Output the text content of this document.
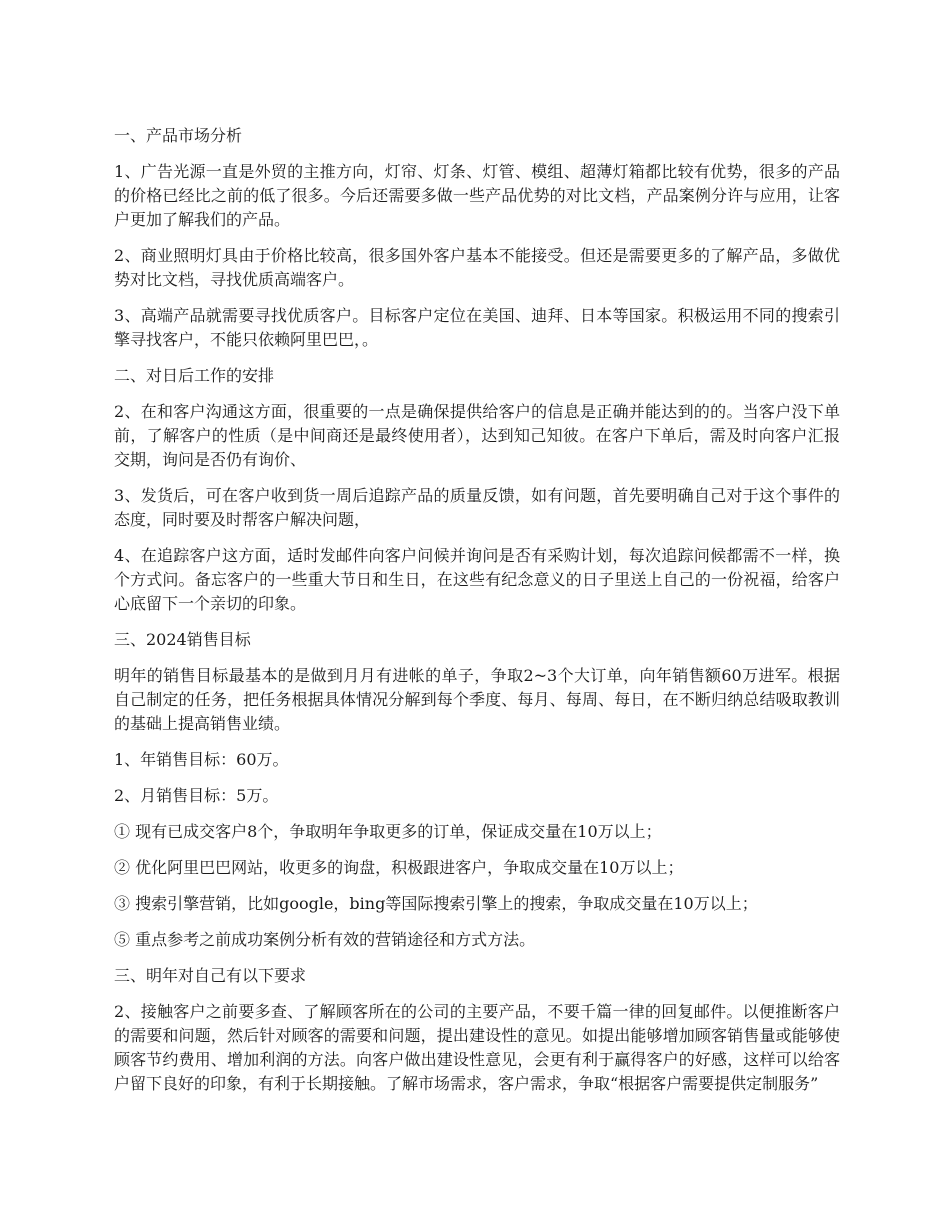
一、产品市场分析

1、广告光源一直是外贸的主推方向，灯帘、灯条、灯管、模组、超薄灯箱都比较有优势，很多的产品的价格已经比之前的低了很多。今后还需要多做一些产品优势的对比文档，产品案例分许与应用，让客户更加了解我们的产品。

2、商业照明灯具由于价格比较高，很多国外客户基本不能接受。但还是需要更多的了解产品，多做优势对比文档，寻找优质高端客户。

3、高端产品就需要寻找优质客户。目标客户定位在美国、迪拜、日本等国家。积极运用不同的搜索引擎寻找客户，不能只依赖阿里巴巴，。

二、对日后工作的安排

2、在和客户沟通这方面，很重要的一点是确保提供给客户的信息是正确并能达到的的。当客户没下单前，了解客户的性质（是中间商还是最终使用者），达到知己知彼。在客户下单后，需及时向客户汇报交期，询问是否仍有询价、

3、发货后，可在客户收到货一周后追踪产品的质量反馈，如有问题，首先要明确自己对于这个事件的态度，同时要及时帮客户解决问题，

4、在追踪客户这方面，适时发邮件向客户问候并询问是否有采购计划，每次追踪问候都需不一样，换个方式问。备忘客户的一些重大节日和生日，在这些有纪念意义的日子里送上自己的一份祝福，给客户心底留下一个亲切的印象。

三、2024销售目标

明年的销售目标最基本的是做到月月有进帐的单子，争取2~3个大订单，向年销售额60万进军。根据自己制定的任务，把任务根据具体情况分解到每个季度、每月、每周、每日，在不断归纳总结吸取教训的基础上提高销售业绩。

1、年销售目标：60万。

2、月销售目标：5万。

① 现有已成交客户8个，争取明年争取更多的订单，保证成交量在10万以上；

② 优化阿里巴巴网站，收更多的询盘，积极跟进客户，争取成交量在10万以上；

③ 搜索引擎营销，比如google，bing等国际搜索引擎上的搜索，争取成交量在10万以上；

⑤ 重点参考之前成功案例分析有效的营销途径和方式方法。

三、明年对自己有以下要求

2、接触客户之前要多查、了解顾客所在的公司的主要产品，不要千篇一律的回复邮件。以便推断客户的需要和问题，然后针对顾客的需要和问题，提出建设性的意见。如提出能够增加顾客销售量或能够使顾客节约费用、增加利润的方法。向客户做出建设性意见，会更有利于赢得客户的好感，这样可以给客户留下良好的印象，有利于长期接触。了解市场需求，客户需求，争取“根据客户需要提供定制服务”
